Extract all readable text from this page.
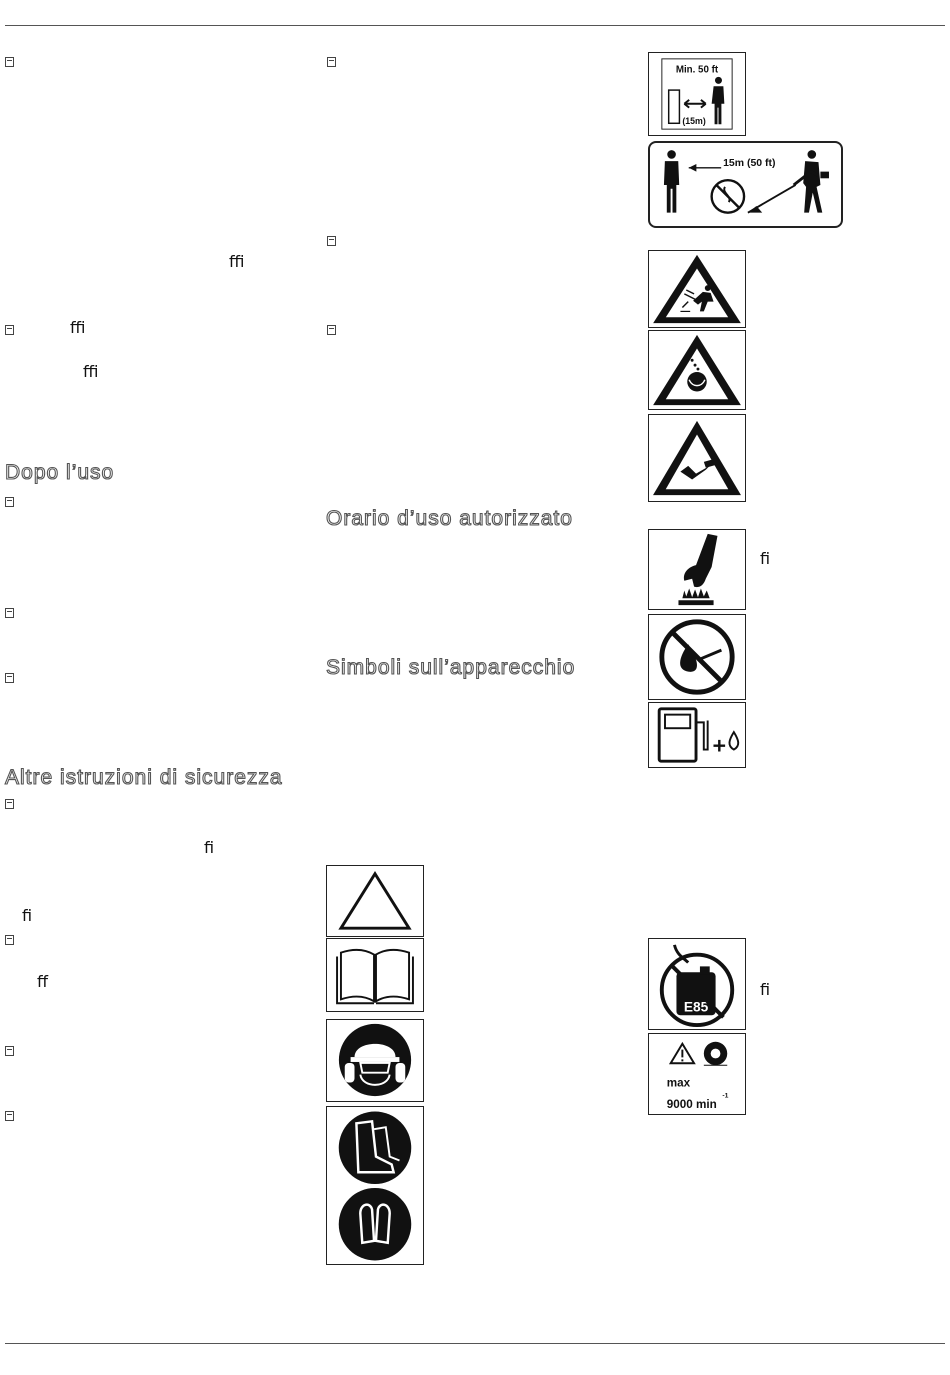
ﬃ
ﬃ
ﬃ
ﬁ
ﬁ
ﬀ
ﬁ
ﬁ
Dopo l’uso
Altre istruzioni di sicurezza
Orario d’uso autorizzato
Simboli sull’apparecchio
Min. 50 ft
(15m)
15m (50 ft)
E85
max
9000 min
-1
